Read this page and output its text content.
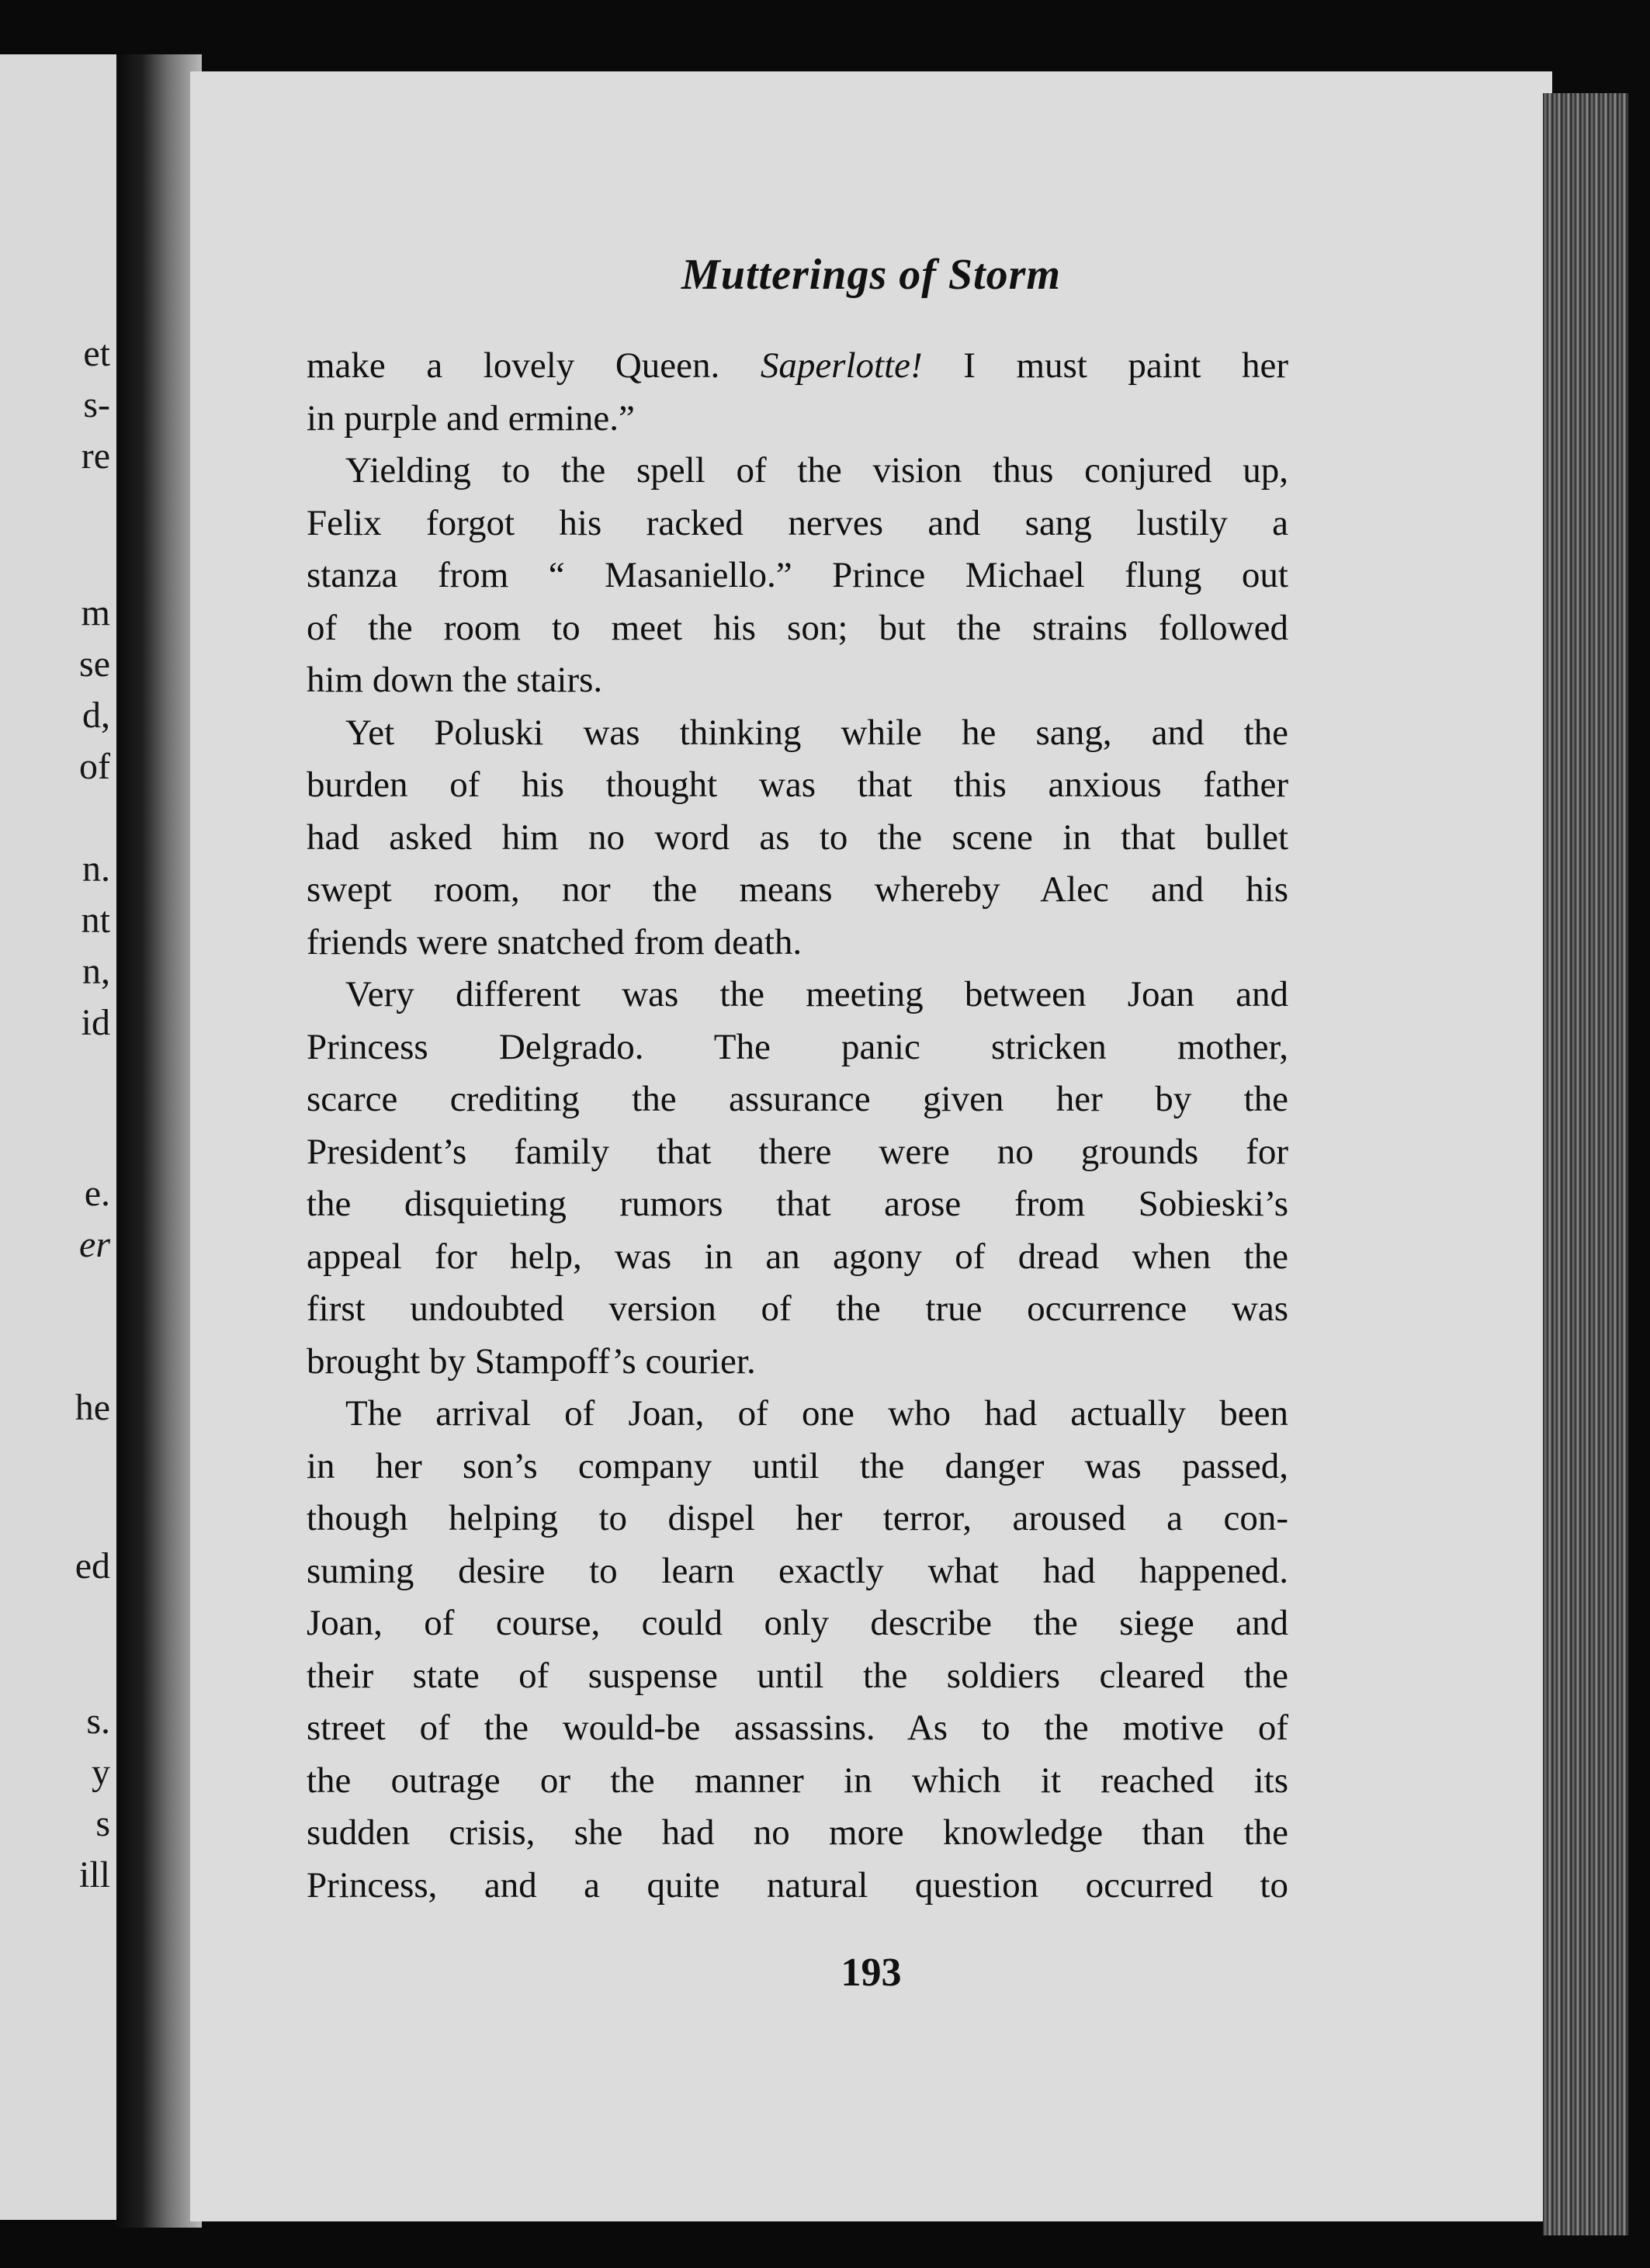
et
s-
re
m
se
d,
of
n.
nt
n,
id
e.
er
he
ed
s.
y
s
ill
Mutterings of Storm
make a lovely Queen. Saperlotte! I must paint her
in purple and ermine.”
Yielding to the spell of the vision thus conjured up,
Felix forgot his racked nerves and sang lustily a
stanza from “ Masaniello.” Prince Michael flung out
of the room to meet his son; but the strains followed
him down the stairs.
Yet Poluski was thinking while he sang, and the
burden of his thought was that this anxious father
had asked him no word as to the scene in that bullet
swept room, nor the means whereby Alec and his
friends were snatched from death.
Very different was the meeting between Joan and
Princess Delgrado. The panic stricken mother,
scarce crediting the assurance given her by the
President’s family that there were no grounds for
the disquieting rumors that arose from Sobieski’s
appeal for help, was in an agony of dread when the
first undoubted version of the true occurrence was
brought by Stampoff’s courier.
The arrival of Joan, of one who had actually been
in her son’s company until the danger was passed,
though helping to dispel her terror, aroused a con-
suming desire to learn exactly what had happened.
Joan, of course, could only describe the siege and
their state of suspense until the soldiers cleared the
street of the would-be assassins. As to the motive of
the outrage or the manner in which it reached its
sudden crisis, she had no more knowledge than the
Princess, and a quite natural question occurred to
193
